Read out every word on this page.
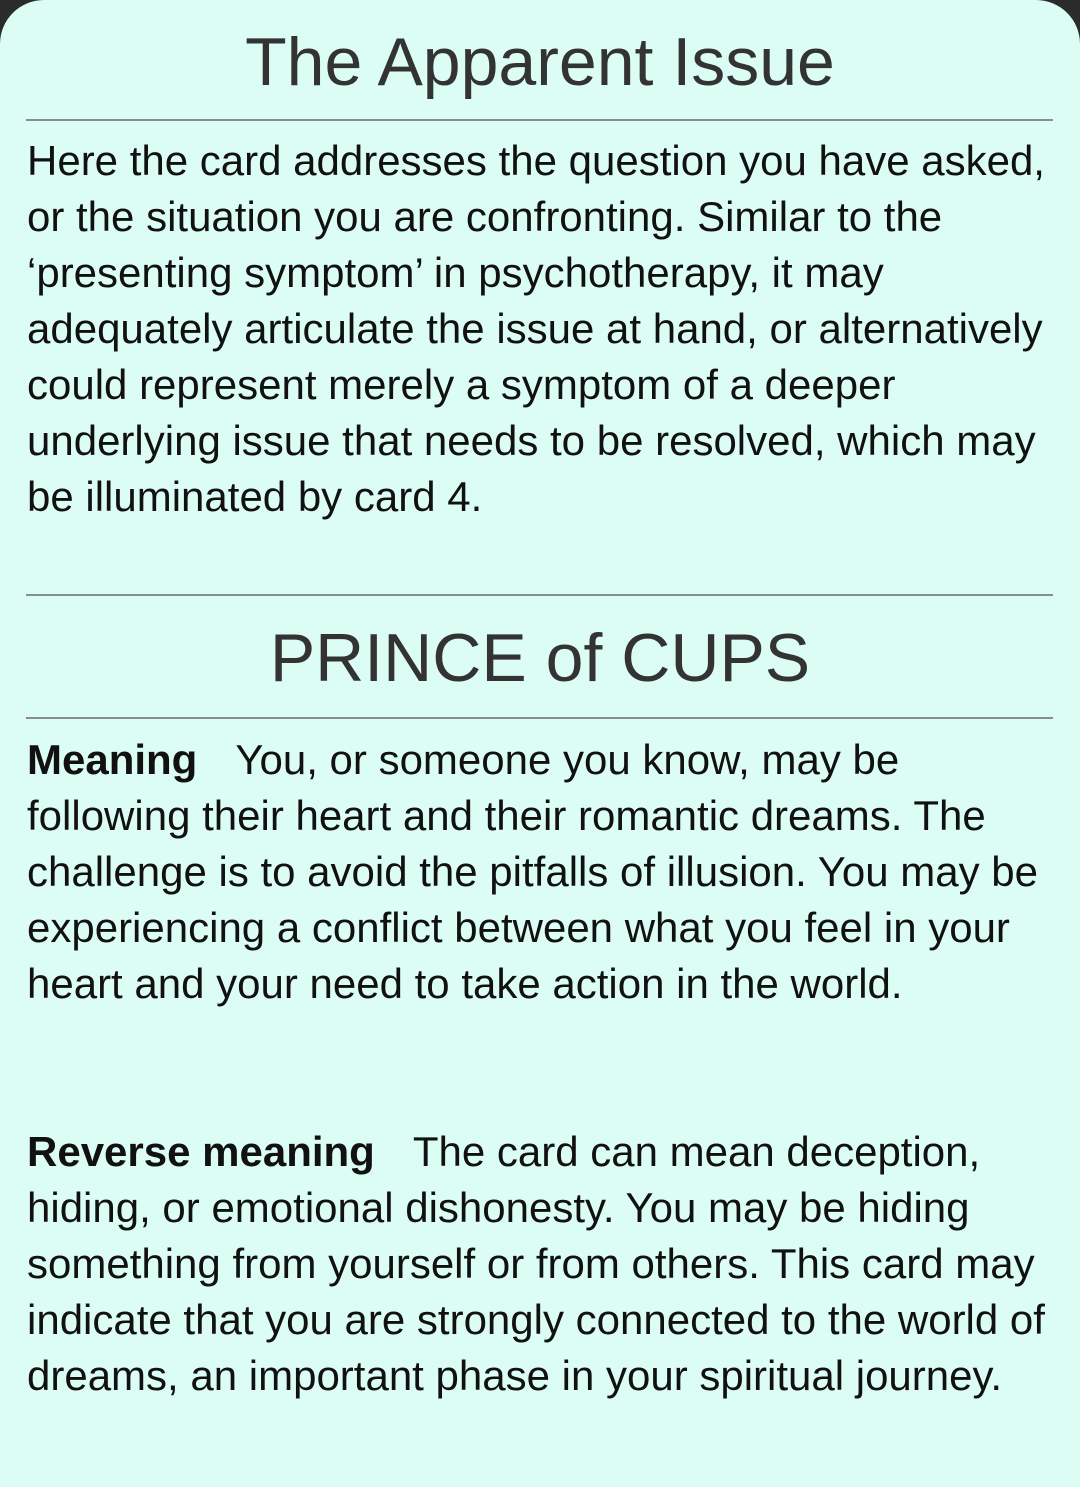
The Apparent Issue

Here the card addresses the question you have asked, or the situation you are confronting. Similar to the ‘presenting symptom’ in psychotherapy, it may adequately articulate the issue at hand, or alternatively could represent merely a symptom of a deeper underlying issue that needs to be resolved, which may be illuminated by card 4.

PRINCE of CUPS

Meaning You, or someone you know, may be following their heart and their romantic dreams. The challenge is to avoid the pitfalls of illusion. You may be experiencing a conflict between what you feel in your heart and your need to take action in the world.

Reverse meaning The card can mean deception, hiding, or emotional dishonesty. You may be hiding something from yourself or from others. This card may indicate that you are strongly connected to the world of dreams, an important phase in your spiritual journey.
